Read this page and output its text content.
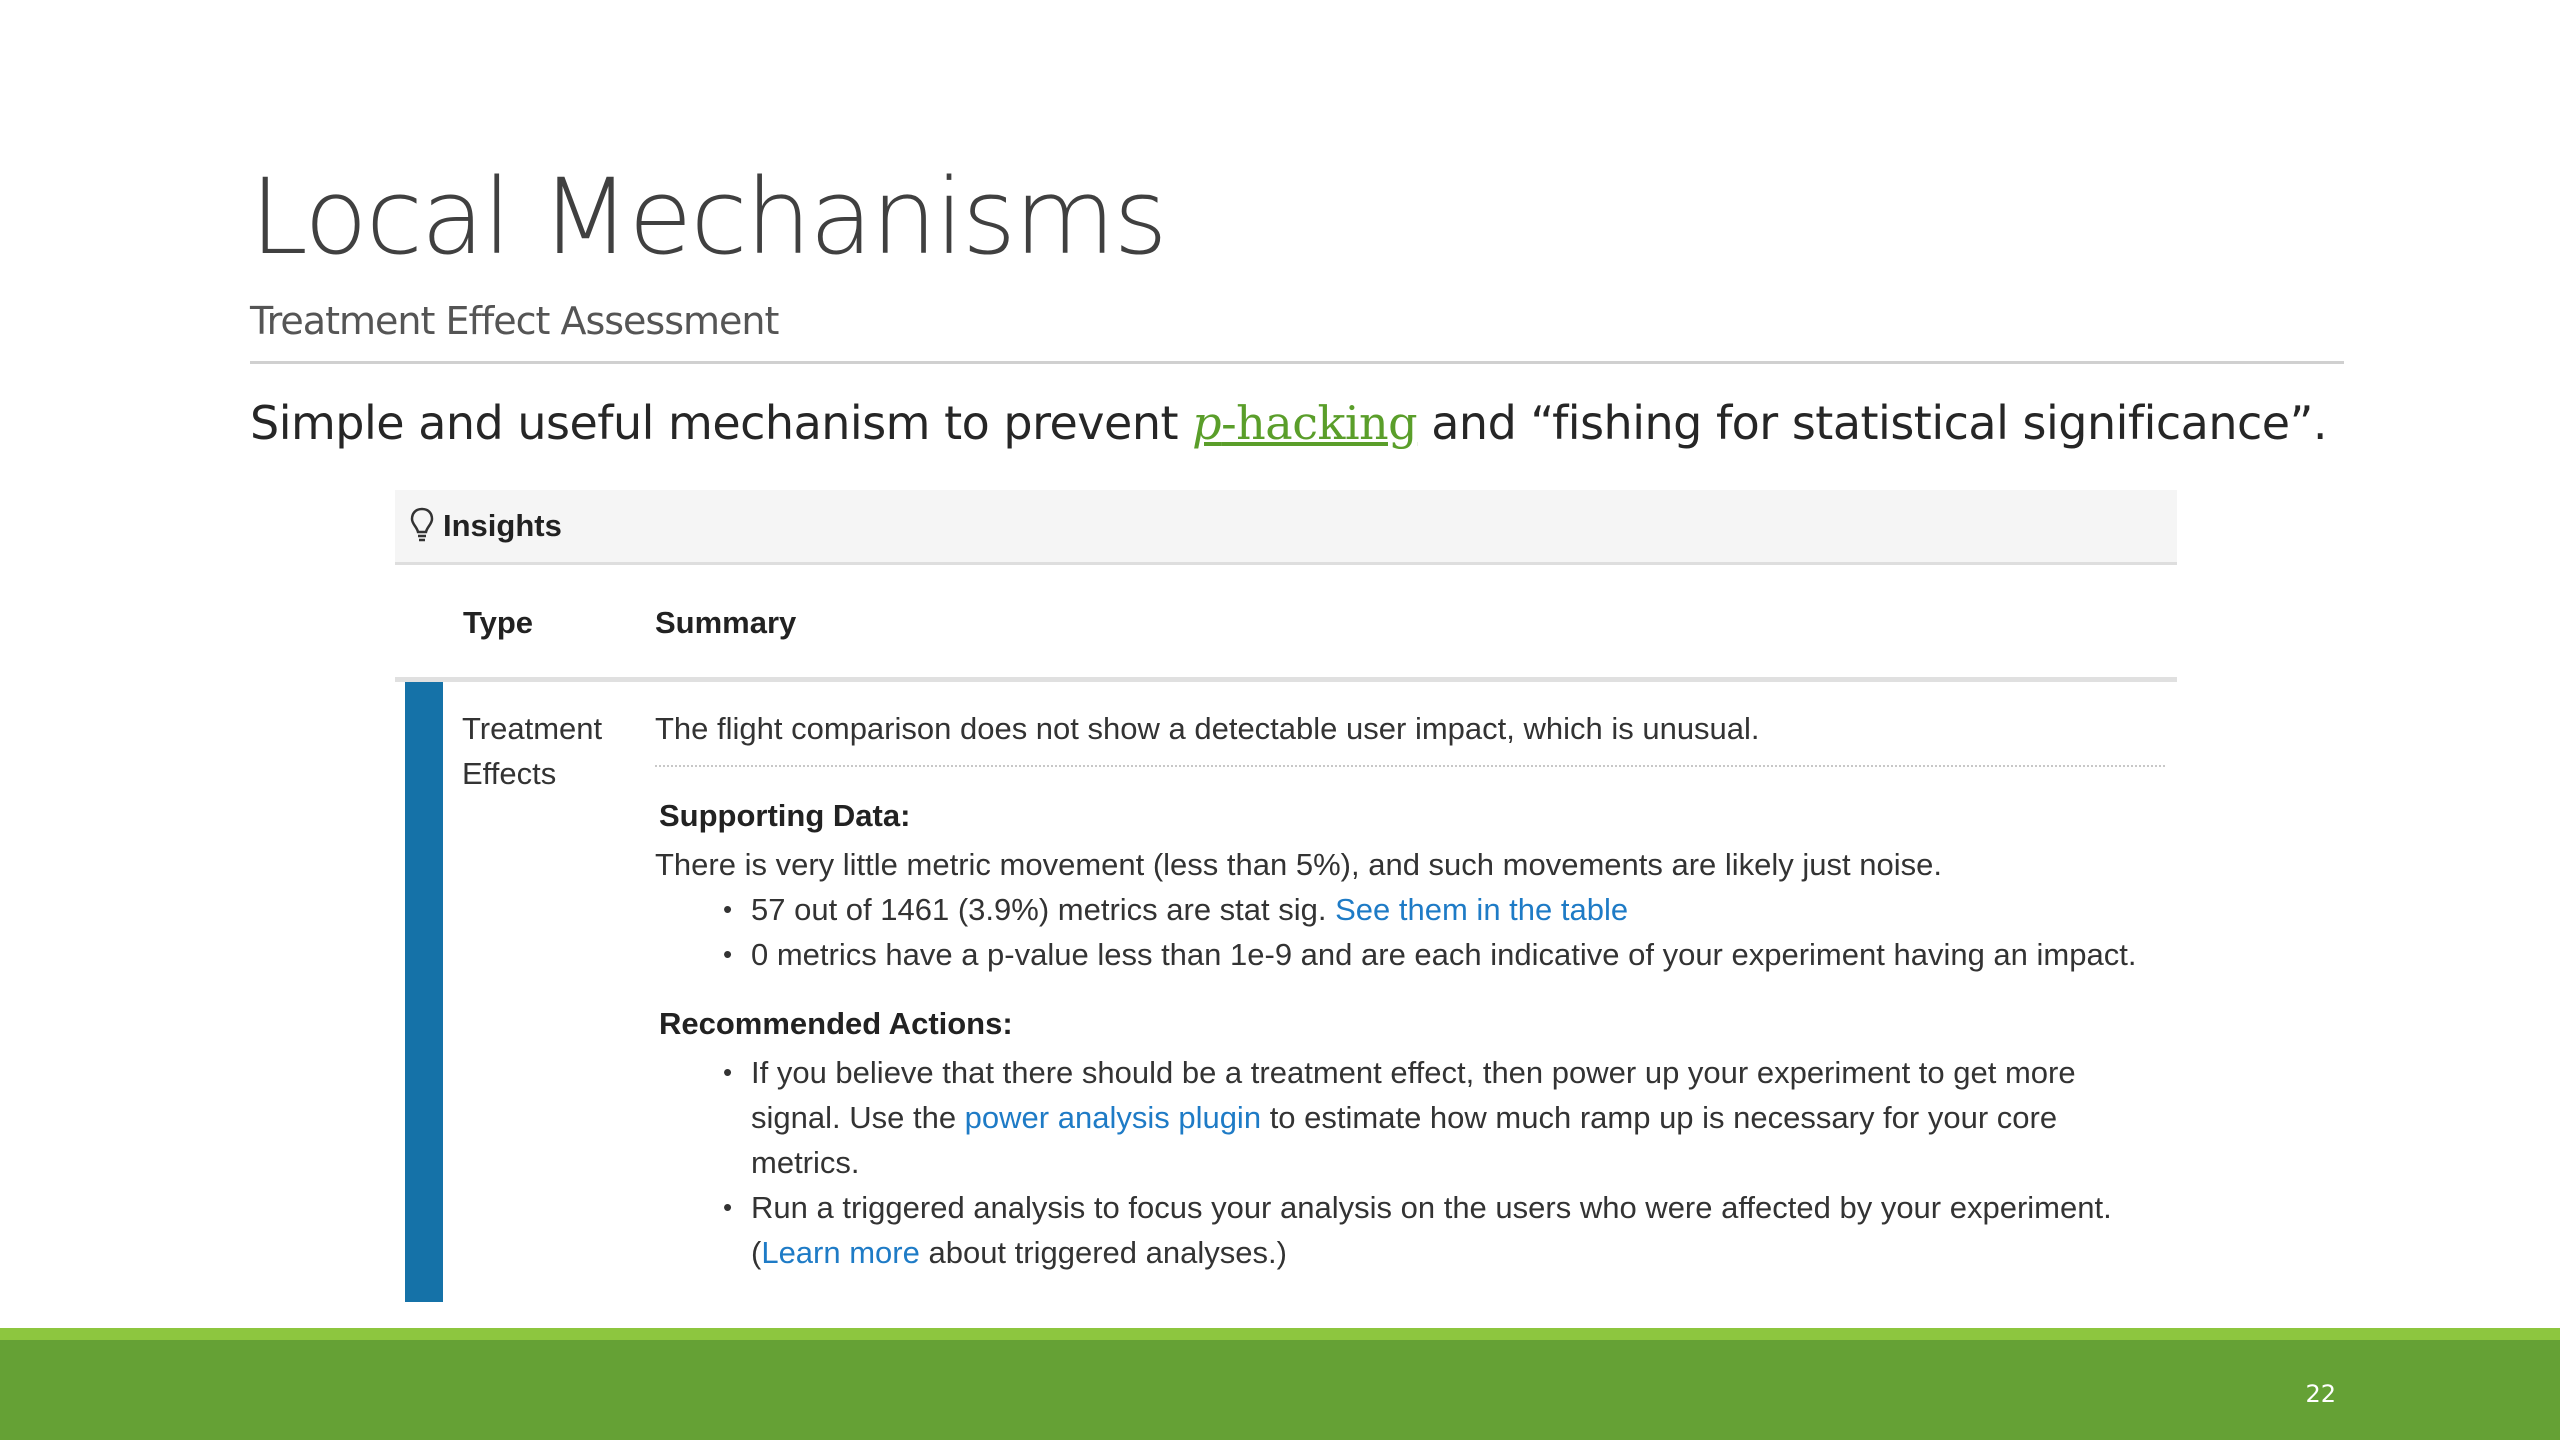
Local Mechanisms
Treatment Effect Assessment
Simple and useful mechanism to prevent p-hacking and “fishing for statistical significance”.
Insights
Type	Summary
Treatment
Effects
The flight comparison does not show a detectable user impact, which is unusual.
Supporting Data:
There is very little metric movement (less than 5%), and such movements are likely just noise.
• 57 out of 1461 (3.9%) metrics are stat sig. See them in the table
• 0 metrics have a p-value less than 1e-9 and are each indicative of your experiment having an impact.
Recommended Actions:
• If you believe that there should be a treatment effect, then power up your experiment to get more signal. Use the power analysis plugin to estimate how much ramp up is necessary for your core metrics.
• Run a triggered analysis to focus your analysis on the users who were affected by your experiment. (Learn more about triggered analyses.)
22
